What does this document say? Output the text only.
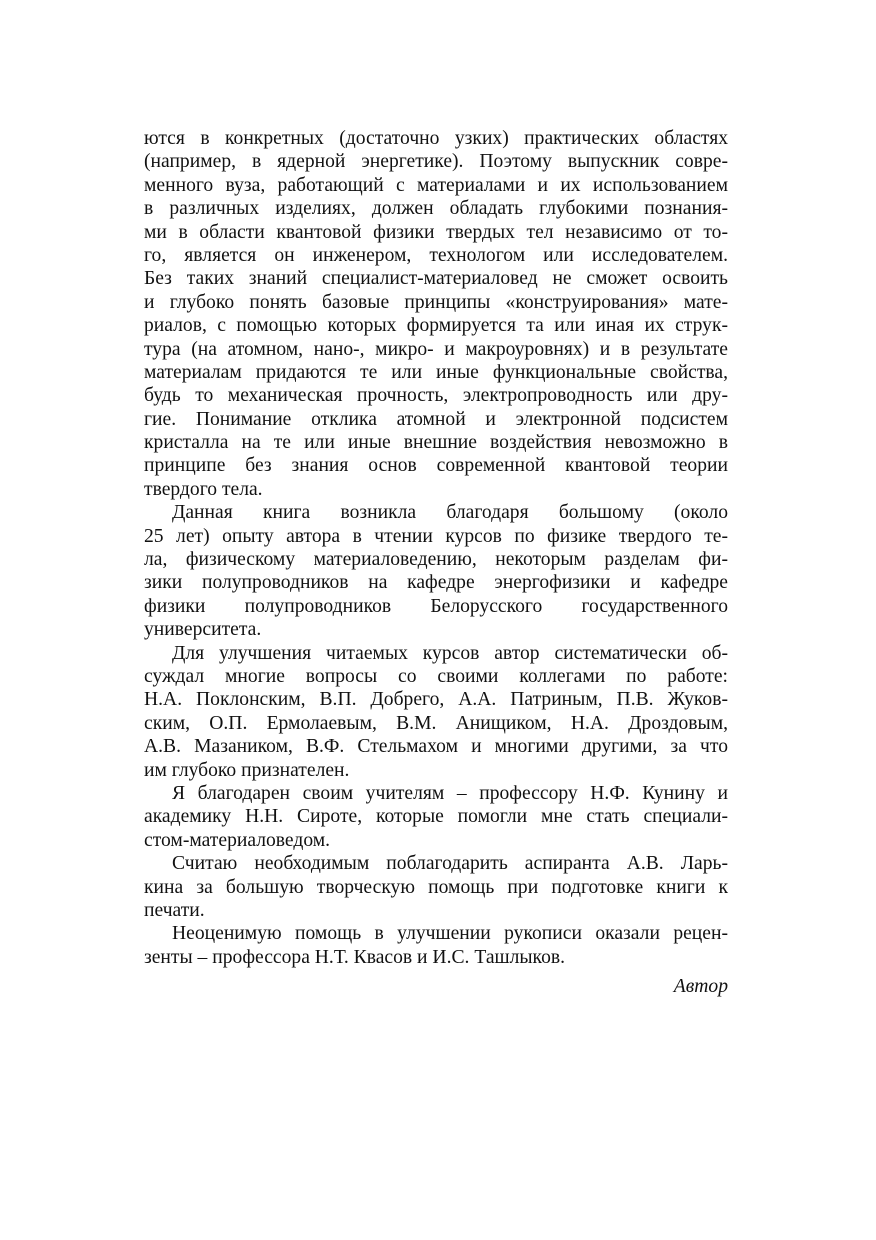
ются в конкретных (достаточно узких) практических областях
(например, в ядерной энергетике). Поэтому выпускник совре-
менного вуза, работающий с материалами и их использованием
в различных изделиях, должен обладать глубокими познания-
ми в области квантовой физики твердых тел независимо от то-
го, является он инженером, технологом или исследователем.
Без таких знаний специалист-материаловед не сможет освоить
и глубоко понять базовые принципы «конструирования» мате-
риалов, с помощью которых формируется та или иная их струк-
тура (на атомном, нано-, микро- и макроуровнях) и в результате
материалам придаются те или иные функциональные свойства,
будь то механическая прочность, электропроводность или дру-
гие. Понимание отклика атомной и электронной подсистем
кристалла на те или иные внешние воздействия невозможно в
принципе без знания основ современной квантовой теории
твердого тела.
Данная книга возникла благодаря большому (около
25 лет) опыту автора в чтении курсов по физике твердого те-
ла, физическому материаловедению, некоторым разделам фи-
зики полупроводников на кафедре энергофизики и кафедре
физики полупроводников Белорусского государственного
университета.
Для улучшения читаемых курсов автор систематически об-
суждал многие вопросы со своими коллегами по работе:
Н.А. Поклонским, В.П. Добрего, А.А. Патриным, П.В. Жуков-
ским, О.П. Ермолаевым, В.М. Анищиком, Н.А. Дроздовым,
А.В. Мазаником, В.Ф. Стельмахом и многими другими, за что
им глубоко признателен.
Я благодарен своим учителям – профессору Н.Ф. Кунину и
академику Н.Н. Сироте, которые помогли мне стать специали-
стом-материаловедом.
Считаю необходимым поблагодарить аспиранта А.В. Ларь-
кина за большую творческую помощь при подготовке книги к
печати.
Неоценимую помощь в улучшении рукописи оказали рецен-
зенты – профессора Н.Т. Квасов и И.С. Ташлыков.
Автор
